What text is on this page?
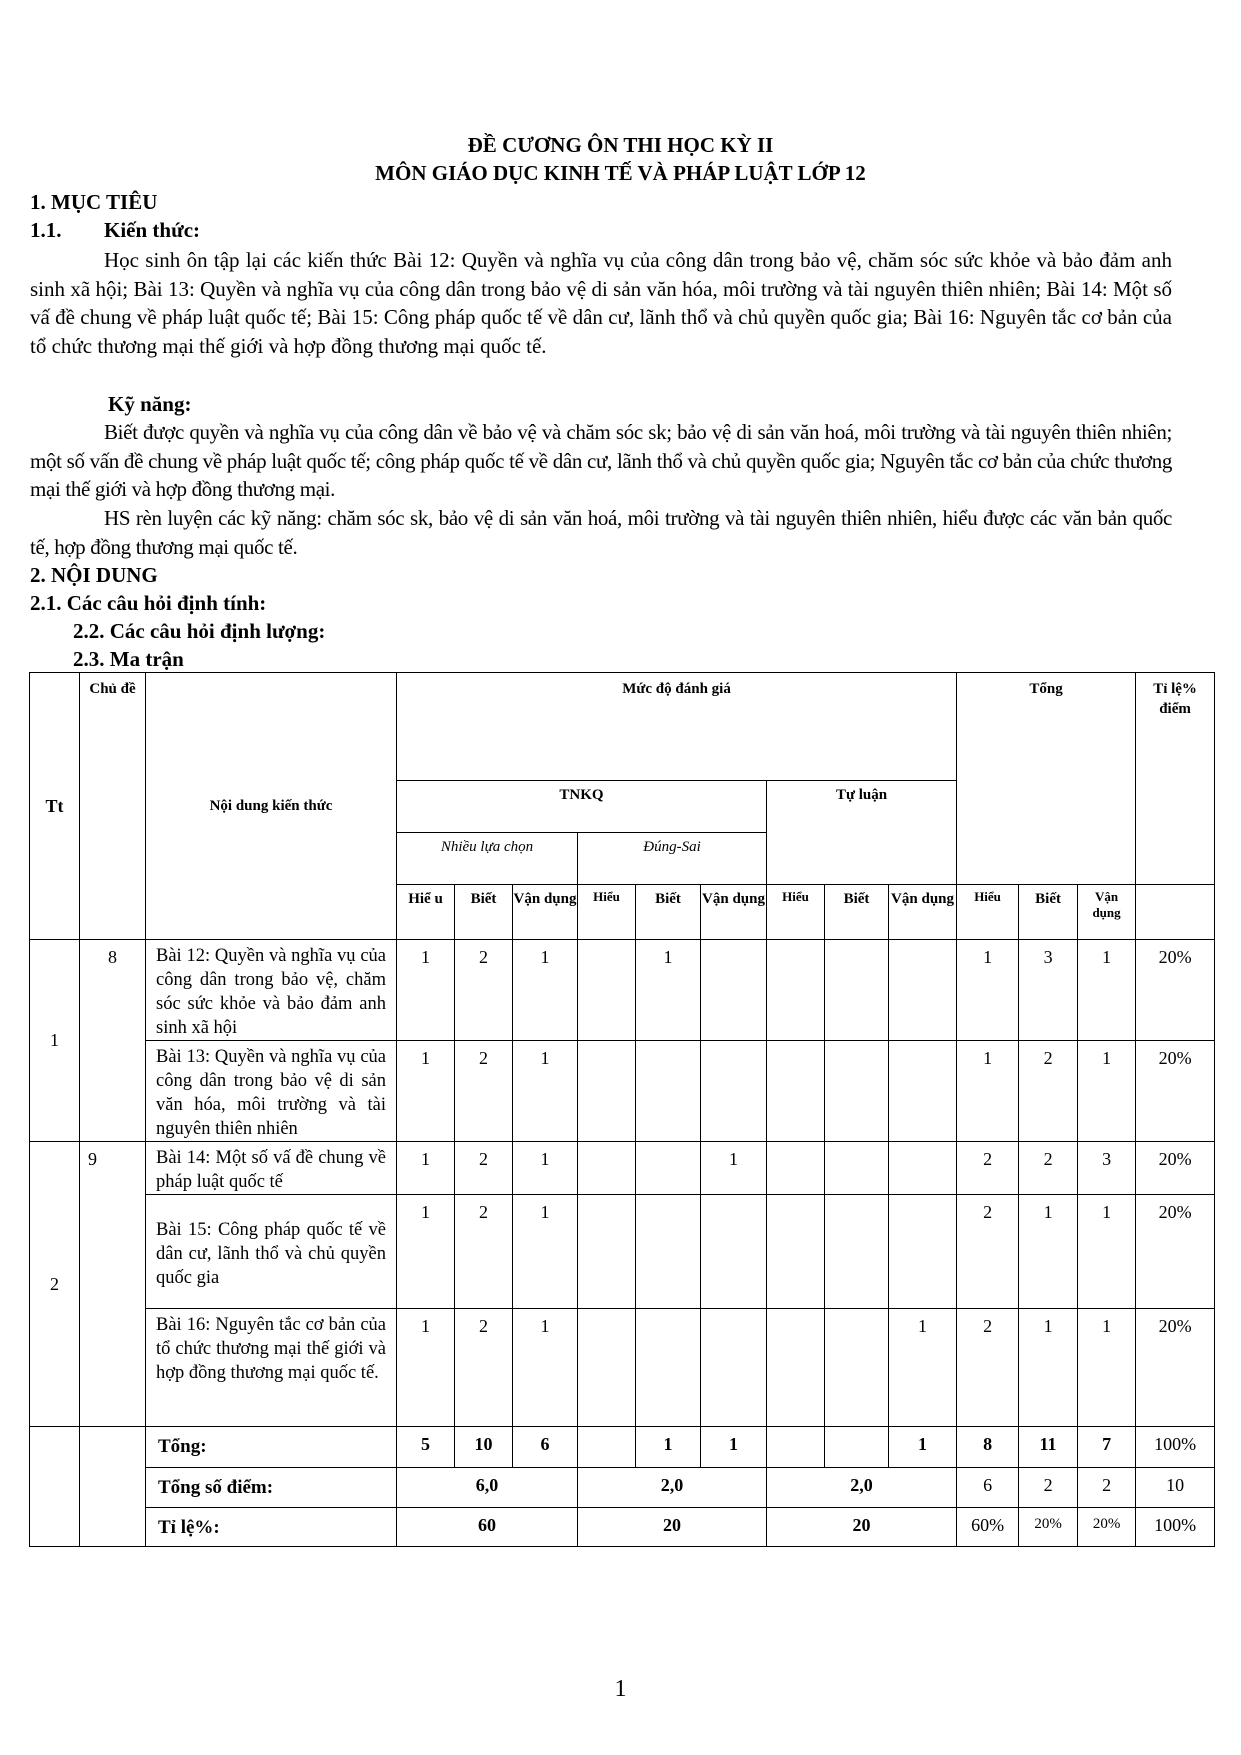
ĐỀ CƯƠNG ÔN THI HỌC KỲ II
MÔN GIÁO DỤC KINH TẾ VÀ PHÁP LUẬT LỚP 12
1. MỤC TIÊU
1.1. Kiến thức:
Học sinh ôn tập lại các kiến thức Bài 12: Quyền và nghĩa vụ của công dân trong bảo vệ, chăm sóc sức khỏe và bảo đảm anh sinh xã hội; Bài 13: Quyền và nghĩa vụ của công dân trong bảo vệ di sản văn hóa, môi trường và tài nguyên thiên nhiên; Bài 14: Một số vấ đề chung về pháp luật quốc tế; Bài 15: Công pháp quốc tế về dân cư, lãnh thổ và chủ quyền quốc gia; Bài 16: Nguyên tắc cơ bản của tổ chức thương mại thế giới và hợp đồng thương mại quốc tế.
Kỹ năng:
Biết được quyền và nghĩa vụ của công dân về bảo vệ và chăm sóc sk; bảo vệ di sản văn hoá, môi trường và tài nguyên thiên nhiên; một số vấn đề chung về pháp luật quốc tế; công pháp quốc tế về dân cư, lãnh thổ và chủ quyền quốc gia; Nguyên tắc cơ bản của chức thương mại thế giới và hợp đồng thương mại.
HS rèn luyện các kỹ năng: chăm sóc sk, bảo vệ di sản văn hoá, môi trường và tài nguyên thiên nhiên, hiểu được các văn bản quốc tế, hợp đồng thương mại quốc tế.
2. NỘI DUNG
2.1. Các câu hỏi định tính:
2.2. Các câu hỏi định lượng:
2.3. Ma trận
Tt	Chủ đề	Nội dung kiến thức	Mức độ đánh giá									Tổng			Tỉ lệ% điểm
			TNKQ						Tự luận						
			Nhiều lựa chọn			Đúng-Sai									
			Hiể u	Biết	Vận dụng	Hiểu	Biết	Vận dụng	Hiểu	Biết	Vận dụng	Hiểu	Biết	Vận dụng	
1	8	Bài 12: Quyền và nghĩa vụ của công dân trong bảo vệ, chăm sóc sức khỏe và bảo đảm anh sinh xã hội	1	2	1		1					1	3	1	20%
		Bài 13: Quyền và nghĩa vụ của công dân trong bảo vệ di sản văn hóa, môi trường và tài nguyên thiên nhiên	1	2	1							1	2	1	20%
2	9	Bài 14: Một số vấ đề chung về pháp luật quốc tế	1	2	1			1				2	2	3	20%
		Bài 15: Công pháp quốc tế về dân cư, lãnh thổ và chủ quyền quốc gia	1	2	1							2	1	1	20%
		Bài 16: Nguyên tắc cơ bản của tổ chức thương mại thế giới và hợp đồng thương mại quốc tế.	1	2	1						1	2	1	1	20%
		Tổng:	5	10	6		1	1			1	8	11	7	100%
		Tổng số điểm:	6,0			2,0			2,0			6	2	2	10
		Tỉ lệ%:	60			20			20			60%	20%	20%	100%
1
